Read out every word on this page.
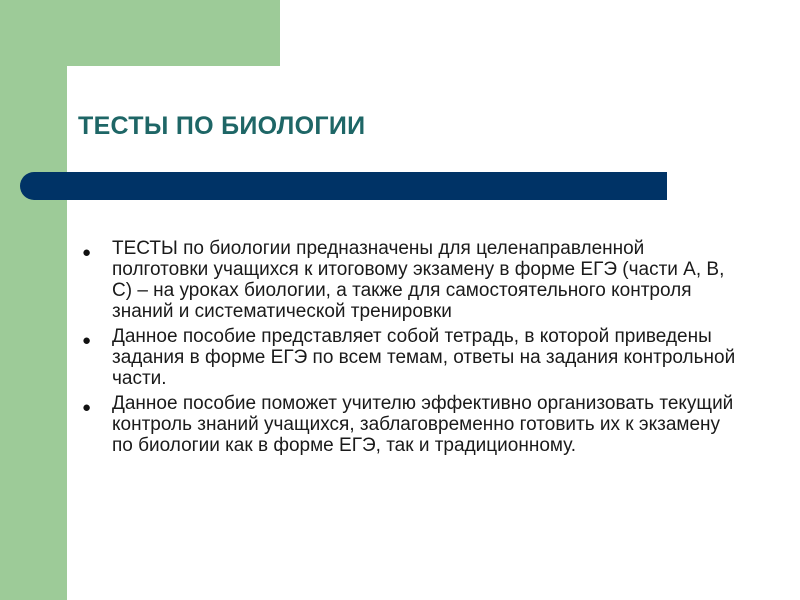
ТЕСТЫ ПО БИОЛОГИИ
● ТЕСТЫ по биологии предназначены для целенаправленной полготовки учащихся к итоговому экзамену в форме ЕГЭ (части А, В, С) – на уроках биологии, а также для самостоятельного контроля знаний и систематической тренировки
● Данное пособие представляет собой тетрадь, в которой приведены задания в форме ЕГЭ по всем темам, ответы на задания контрольной части.
● Данное пособие поможет учителю эффективно организовать текущий контроль знаний учащихся, заблаговременно готовить их к экзамену по биологии как в форме ЕГЭ, так и традиционному.
